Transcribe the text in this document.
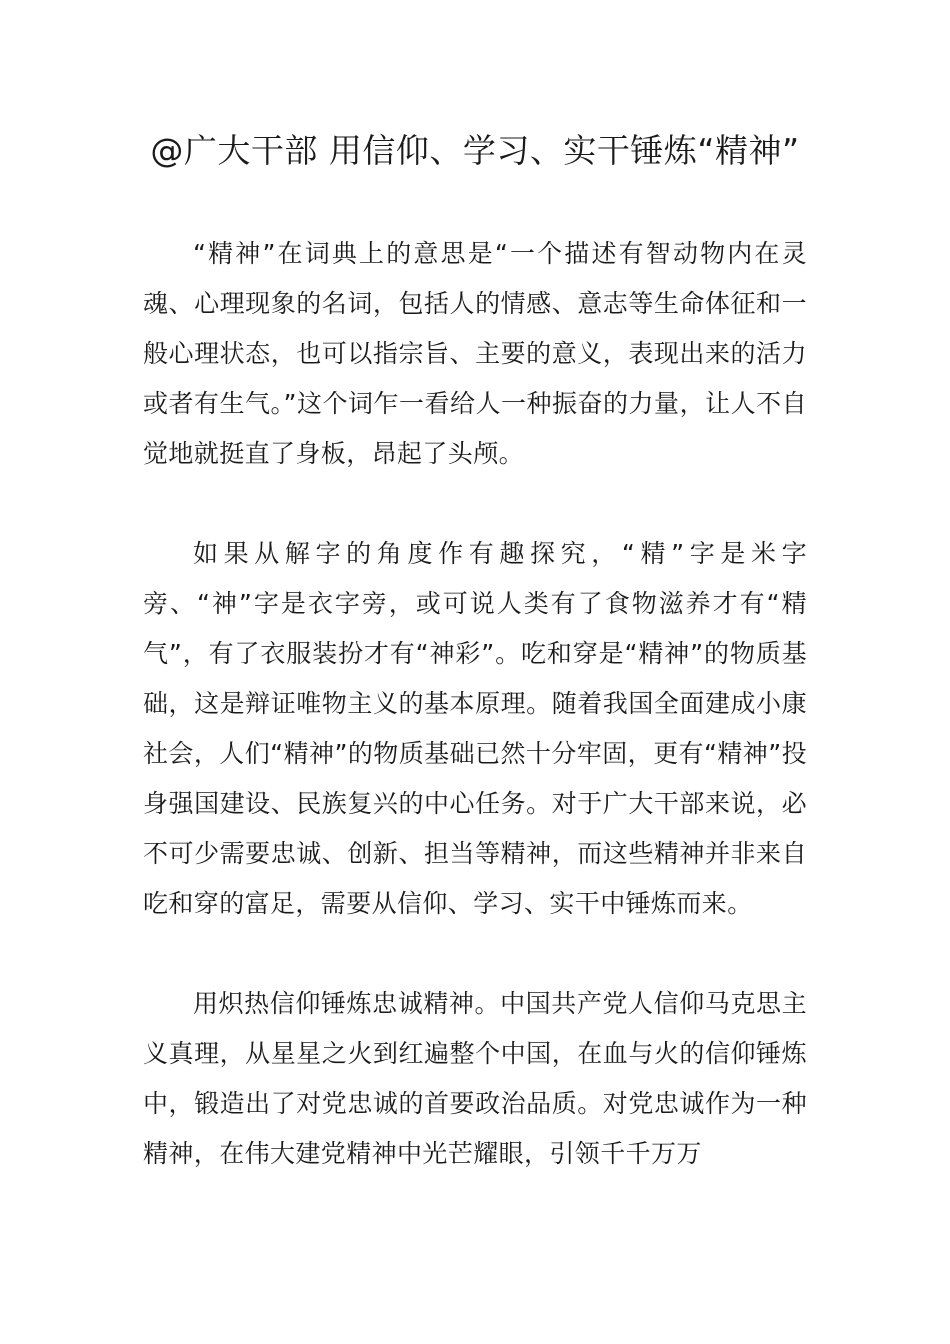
@广大干部 用信仰、学习、实干锤炼“精神”

“精神”在词典上的意思是“一个描述有智动物内在灵魂、心理现象的名词，包括人的情感、意志等生命体征和一般心理状态，也可以指宗旨、主要的意义，表现出来的活力或者有生气。”这个词乍一看给人一种振奋的力量，让人不自觉地就挺直了身板，昂起了头颅。

如果从解字的角度作有趣探究，“精”字是米字旁、“神”字是衣字旁，或可说人类有了食物滋养才有“精气”，有了衣服装扮才有“神彩”。吃和穿是“精神”的物质基础，这是辩证唯物主义的基本原理。随着我国全面建成小康社会，人们“精神”的物质基础已然十分牢固，更有“精神”投身强国建设、民族复兴的中心任务。对于广大干部来说，必不可少需要忠诚、创新、担当等精神，而这些精神并非来自吃和穿的富足，需要从信仰、学习、实干中锤炼而来。

用炽热信仰锤炼忠诚精神。中国共产党人信仰马克思主义真理，从星星之火到红遍整个中国，在血与火的信仰锤炼中，锻造出了对党忠诚的首要政治品质。对党忠诚作为一种精神，在伟大建党精神中光芒耀眼，引领千千万万
